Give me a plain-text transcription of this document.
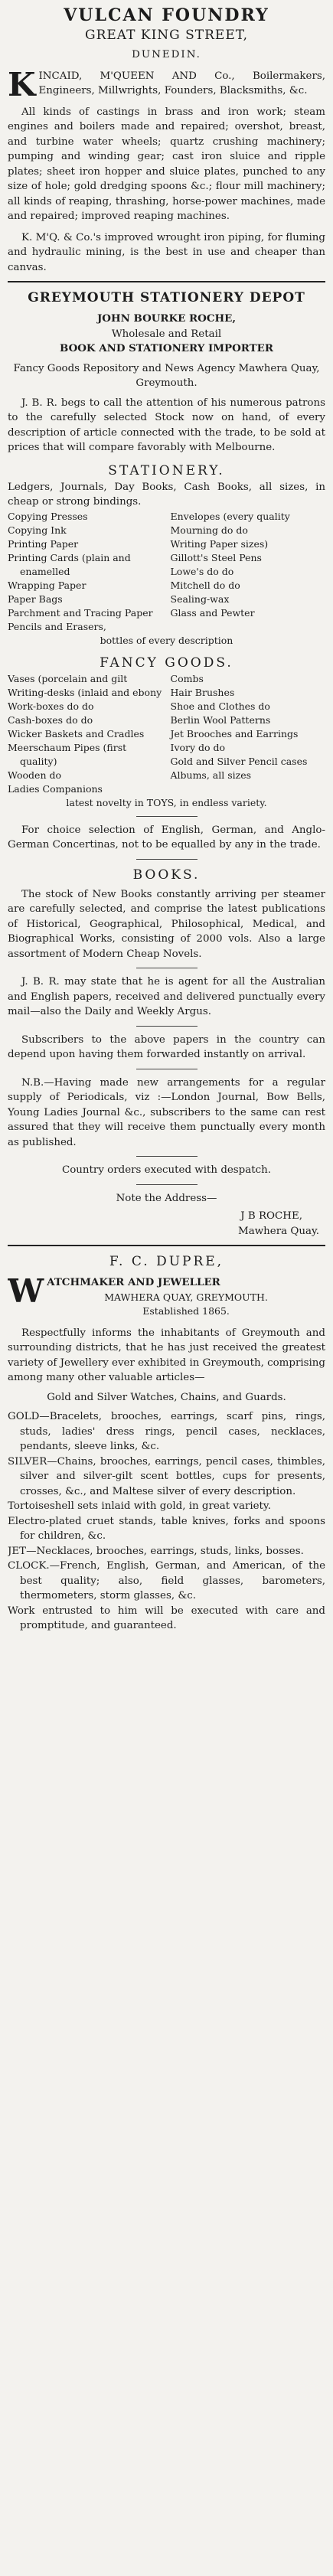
VULCAN FOUNDRY

GREAT KING STREET,

DUNEDIN.

K INCAID, M'QUEEN AND Co., Boilermakers, Engineers, Millwrights, Founders, Blacksmiths, &c.

All kinds of castings in brass and iron work; steam engines and boilers made and repaired; overshot, breast, and turbine water wheels; quartz crushing machinery; pumping and winding gear; cast iron sluice and ripple plates; sheet iron hopper and sluice plates, punched to any size of hole; gold dredging spoons &c.; flour mill machinery; all kinds of reaping, thrashing, horse-power machines, made and repaired; improved reaping machines.

K. M'Q. & Co.'s improved wrought iron piping, for fluming and hydraulic mining, is the best in use and cheaper than canvas.

GREYMOUTH STATIONERY DEPOT

JOHN BOURKE ROCHE,

Wholesale and Retail

BOOK AND STATIONERY IMPORTER

Fancy Goods Repository and News Agency Mawhera Quay, Greymouth.

J. B. R. begs to call the attention of his numerous patrons to the carefully selected Stock now on hand, of every description of article connected with the trade, to be sold at prices that will compare favorably with Melbourne.

STATIONERY.

Ledgers, Journals, Day Books, Cash Books, all sizes, in cheap or strong bindings.

Copying Presses

Copying Ink

Printing Paper

Printing Cards (plain and enamelled

Wrapping Paper

Paper Bags

Parchment and Tracing Paper

Pencils and Erasers,

Envelopes (every quality

Mourning do do

Writing Paper sizes)

Gillott's Steel Pens

Lowe's do do

Mitchell do do

Sealing-wax

Glass and Pewter

bottles of every description

FANCY GOODS.

Vases (porcelain and gilt

Writing-desks (inlaid and ebony

Work-boxes do do

Cash-boxes do do

Wicker Baskets and Cradles

Meerschaum Pipes (first quality)

Wooden do

Ladies Companions

Combs

Hair Brushes

Shoe and Clothes do

Berlin Wool Patterns

Jet Brooches and Earrings

Ivory do do

Gold and Silver Pencil cases

Albums, all sizes

latest novelty in TOYS, in endless variety.

For choice selection of English, German, and Anglo-German Concertinas, not to be equalled by any in the trade.

BOOKS.

The stock of New Books constantly arriving per steamer are carefully selected, and comprise the latest publications of Historical, Geographical, Philosophical, Medical, and Biographical Works, consisting of 2000 vols. Also a large assortment of Modern Cheap Novels.

J. B. R. may state that he is agent for all the Australian and English papers, received and delivered punctually every mail—also the Daily and Weekly Argus.

Subscribers to the above papers in the country can depend upon having them forwarded instantly on arrival.

N.B.—Having made new arrangements for a regular supply of Periodicals, viz :—London Journal, Bow Bells, Young Ladies Journal &c., subscribers to the same can rest assured that they will receive them punctually every month as published.

Country orders executed with despatch.

Note the Address—

J B ROCHE,

Mawhera Quay.

F. C. DUPRE,

W ATCHMAKER AND JEWELLER

MAWHERA QUAY, GREYMOUTH.

Established 1865.

Respectfully informs the inhabitants of Greymouth and surrounding districts, that he has just received the greatest variety of Jewellery ever exhibited in Greymouth, comprising among many other valuable articles—

Gold and Silver Watches, Chains, and Guards.

GOLD—Bracelets, brooches, earrings, scarf pins, rings, studs, ladies' dress rings, pencil cases, necklaces, pendants, sleeve links, &c.

SILVER—Chains, brooches, earrings, pencil cases, thimbles, silver and silver-gilt scent bottles, cups for presents, crosses, &c., and Maltese silver of every description.

Tortoiseshell sets inlaid with gold, in great variety.

Electro-plated cruet stands, table knives, forks and spoons for children, &c.

JET—Necklaces, brooches, earrings, studs, links, bosses.

CLOCK.—French, English, German, and American, of the best quality; also, field glasses, barometers, thermometers, storm glasses, &c.

Work entrusted to him will be executed with care and promptitude, and guaranteed.
